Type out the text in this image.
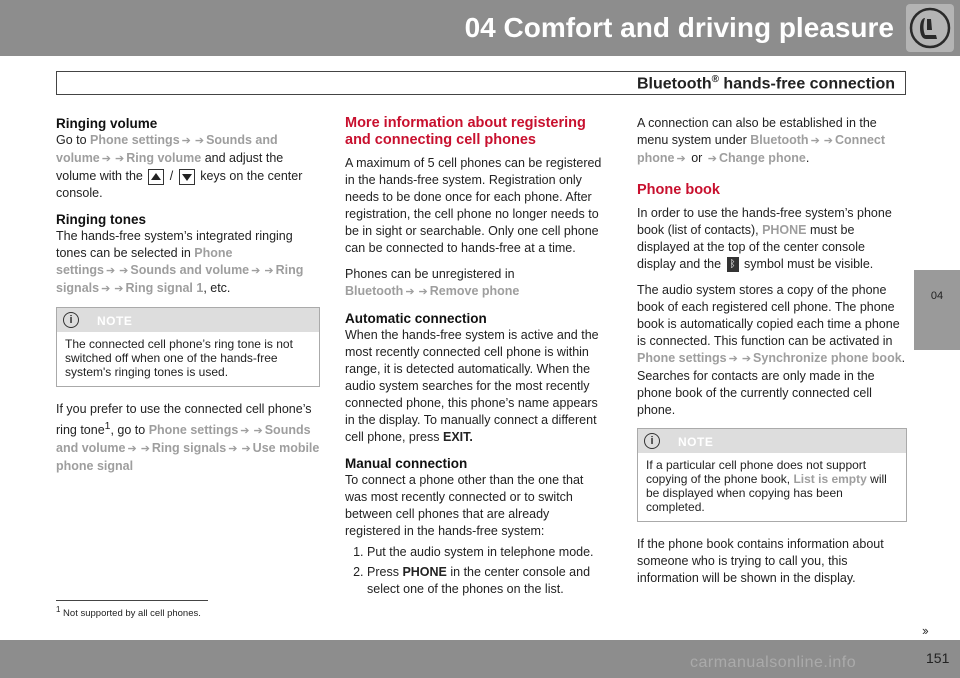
04 Comfort and driving pleasure
Bluetooth® hands-free connection
04
Ringing volume

Go to Phone settings ➔ ➔ Sounds and volume ➔ ➔ Ring volume and adjust the volume with the  /  keys on the center console.

Ringing tones

The hands-free system’s integrated ringing tones can be selected in Phone settings ➔ ➔ Sounds and volume ➔ ➔ Ring signals ➔ ➔ Ring signal 1, etc.

i	NOTE
The connected cell phone’s ring tone is not switched off when one of the hands-free system's ringing tones is used.

If you prefer to use the connected cell phone’s ring tone$^1$, go to Phone settings ➔ ➔ Sounds and volume ➔ ➔ Ring signals ➔ ➔ Use mobile phone signal

More information about registering and connecting cell phones

A maximum of 5 cell phones can be registered in the hands-free system. Registration only needs to be done once for each phone. After registration, the cell phone no longer needs to be in sight or searchable. Only one cell phone can be connected to hands-free at a time.

Phones can be unregistered in Bluetooth ➔ ➔ Remove phone

Automatic connection

When the hands-free system is active and the most recently connected cell phone is within range, it is detected automatically. When the audio system searches for the most recently connected phone, this phone’s name appears in the display. To manually connect a different cell phone, press EXIT.

Manual connection

To connect a phone other than the one that was most recently connected or to switch between cell phones that are already registered in the hands-free system:

1. Put the audio system in telephone mode.
2. Press PHONE in the center console and select one of the phones on the list.

A connection can also be established in the menu system under Bluetooth ➔ ➔ Connect phone ➔ or ➔ Change phone.

Phone book

In order to use the hands-free system’s phone book (list of contacts), PHONE must be displayed at the top of the center console display and the ᛒ symbol must be visible.

The audio system stores a copy of the phone book of each registered cell phone. The phone book is automatically copied each time a phone is connected. This function can be activated in Phone settings ➔ ➔ Synchronize phone book. Searches for contacts are only made in the phone book of the currently connected cell phone.

i	NOTE
If a particular cell phone does not support copying of the phone book, List is empty will be displayed when copying has been completed.

If the phone book contains information about someone who is trying to call you, this information will be shown in the display.

$^1$ Not supported by all cell phones.
››
carmanualsonline.info	151
